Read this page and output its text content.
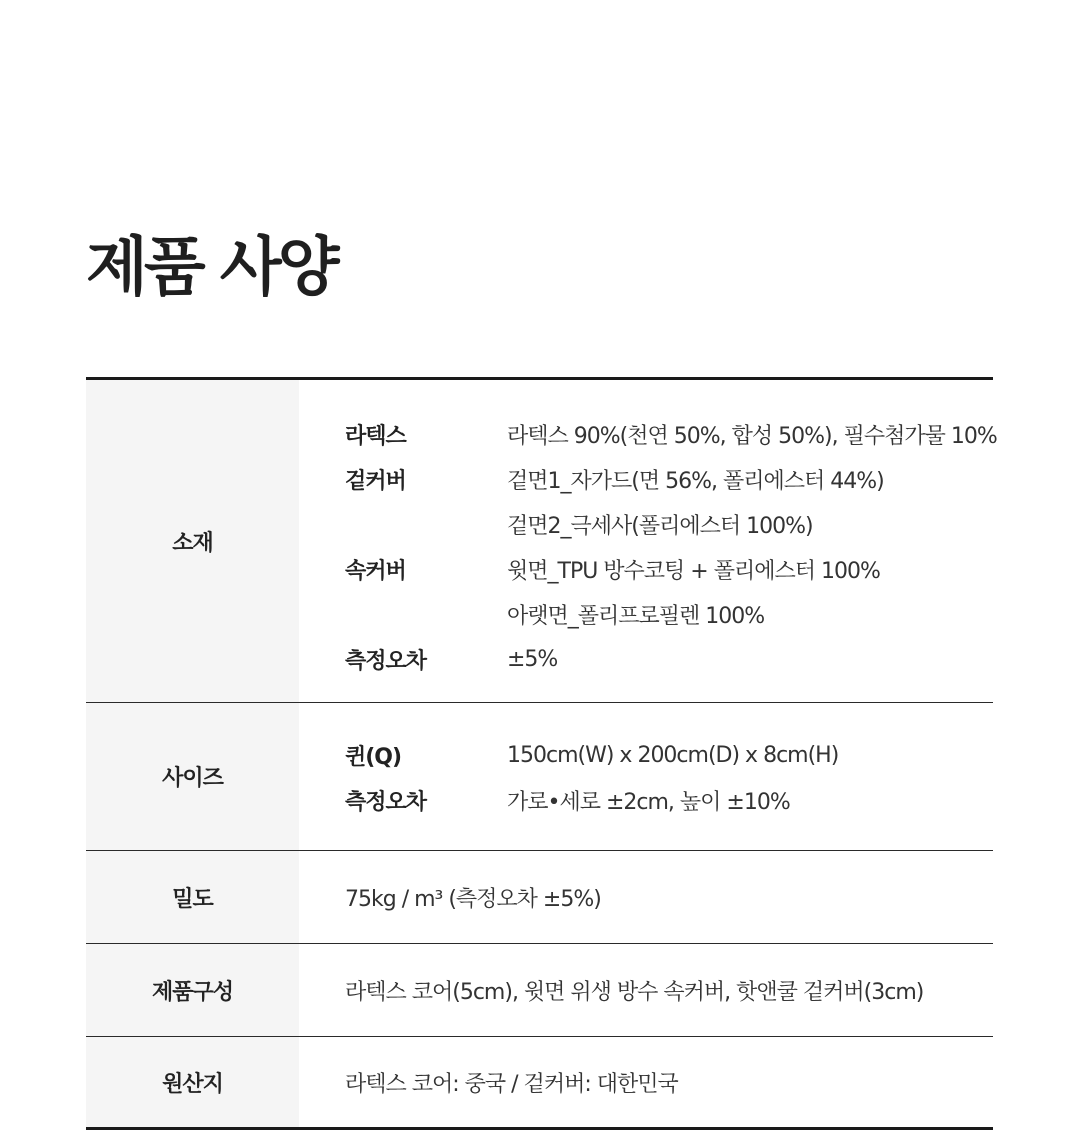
제품 사양
소재
라텍스	라텍스 90%(천연 50%, 합성 50%), 필수첨가물 10%
겉커버	겉면1_자가드(면 56%, 폴리에스터 44%)
겉면2_극세사(폴리에스터 100%)
속커버	윗면_TPU 방수코팅 + 폴리에스터 100%
아랫면_폴리프로필렌 100%
측정오차	±5%
사이즈
퀸(Q)	150cm(W) x 200cm(D) x 8cm(H)
측정오차	가로•세로 ±2cm, 높이 ±10%
밀도	75kg / m³ (측정오차 ±5%)
제품구성	라텍스 코어(5cm), 윗면 위생 방수 속커버, 핫앤쿨 겉커버(3cm)
원산지	라텍스 코어: 중국 / 겉커버: 대한민국
